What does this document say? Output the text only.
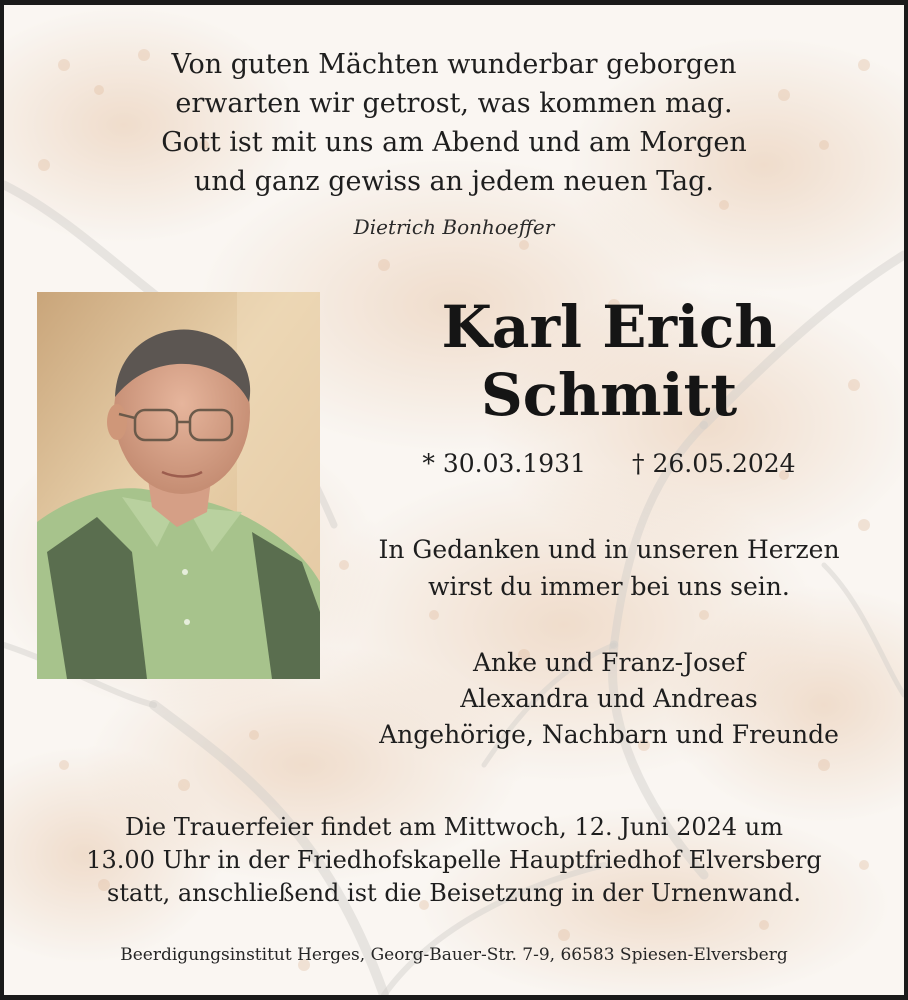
Von guten Mächten wunderbar geborgen
erwarten wir getrost, was kommen mag.
Gott ist mit uns am Abend und am Morgen
und ganz gewiss an jedem neuen Tag.
Dietrich Bonhoeffer
Karl Erich
Schmitt
* 30.03.1931 † 26.05.2024
In Gedanken und in unseren Herzen
wirst du immer bei uns sein.
Anke und Franz-Josef
Alexandra und Andreas
Angehörige, Nachbarn und Freunde
Die Trauerfeier findet am Mittwoch, 12. Juni 2024 um
13.00 Uhr in der Friedhofskapelle Hauptfriedhof Elversberg
statt, anschließend ist die Beisetzung in der Urnenwand.
Beerdigungsinstitut Herges, Georg-Bauer-Str. 7-9, 66583 Spiesen-Elversberg
